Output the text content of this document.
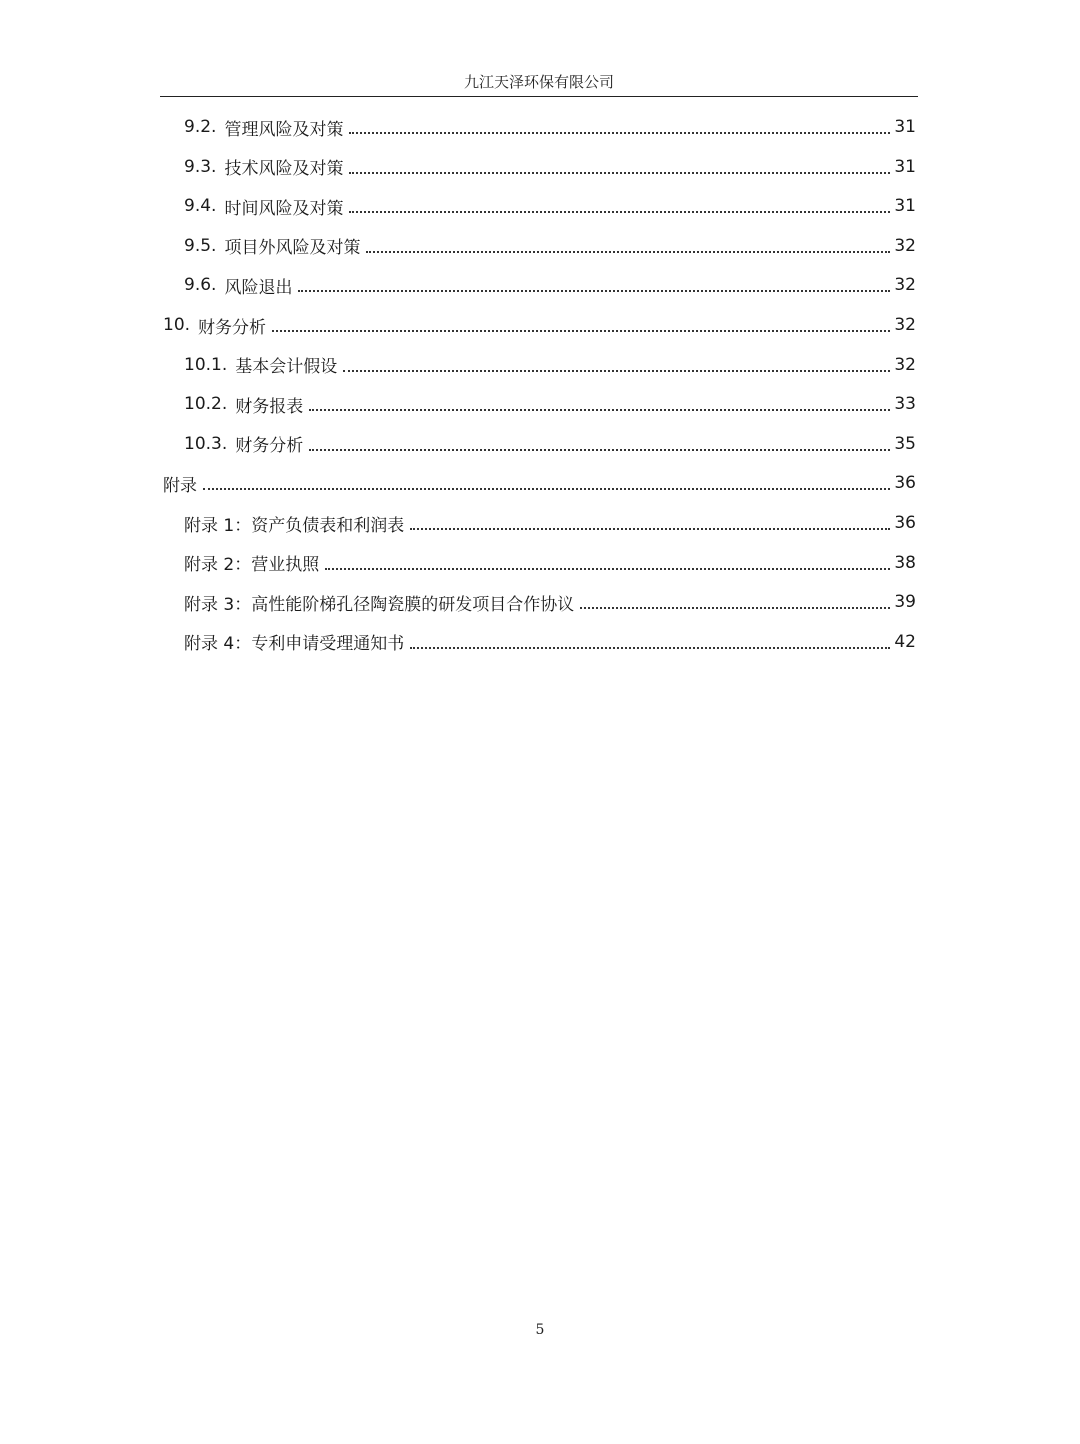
九江天泽环保有限公司
9.2. 管理风险及对策	31
9.3. 技术风险及对策	31
9.4. 时间风险及对策	31
9.5. 项目外风险及对策	32
9.6. 风险退出	32
10. 财务分析	32
10.1. 基本会计假设	32
10.2. 财务报表	33
10.3. 财务分析	35
附录	36
附录 1：资产负债表和利润表	36
附录 2：营业执照	38
附录 3：高性能阶梯孔径陶瓷膜的研发项目合作协议	39
附录 4：专利申请受理通知书	42
5
